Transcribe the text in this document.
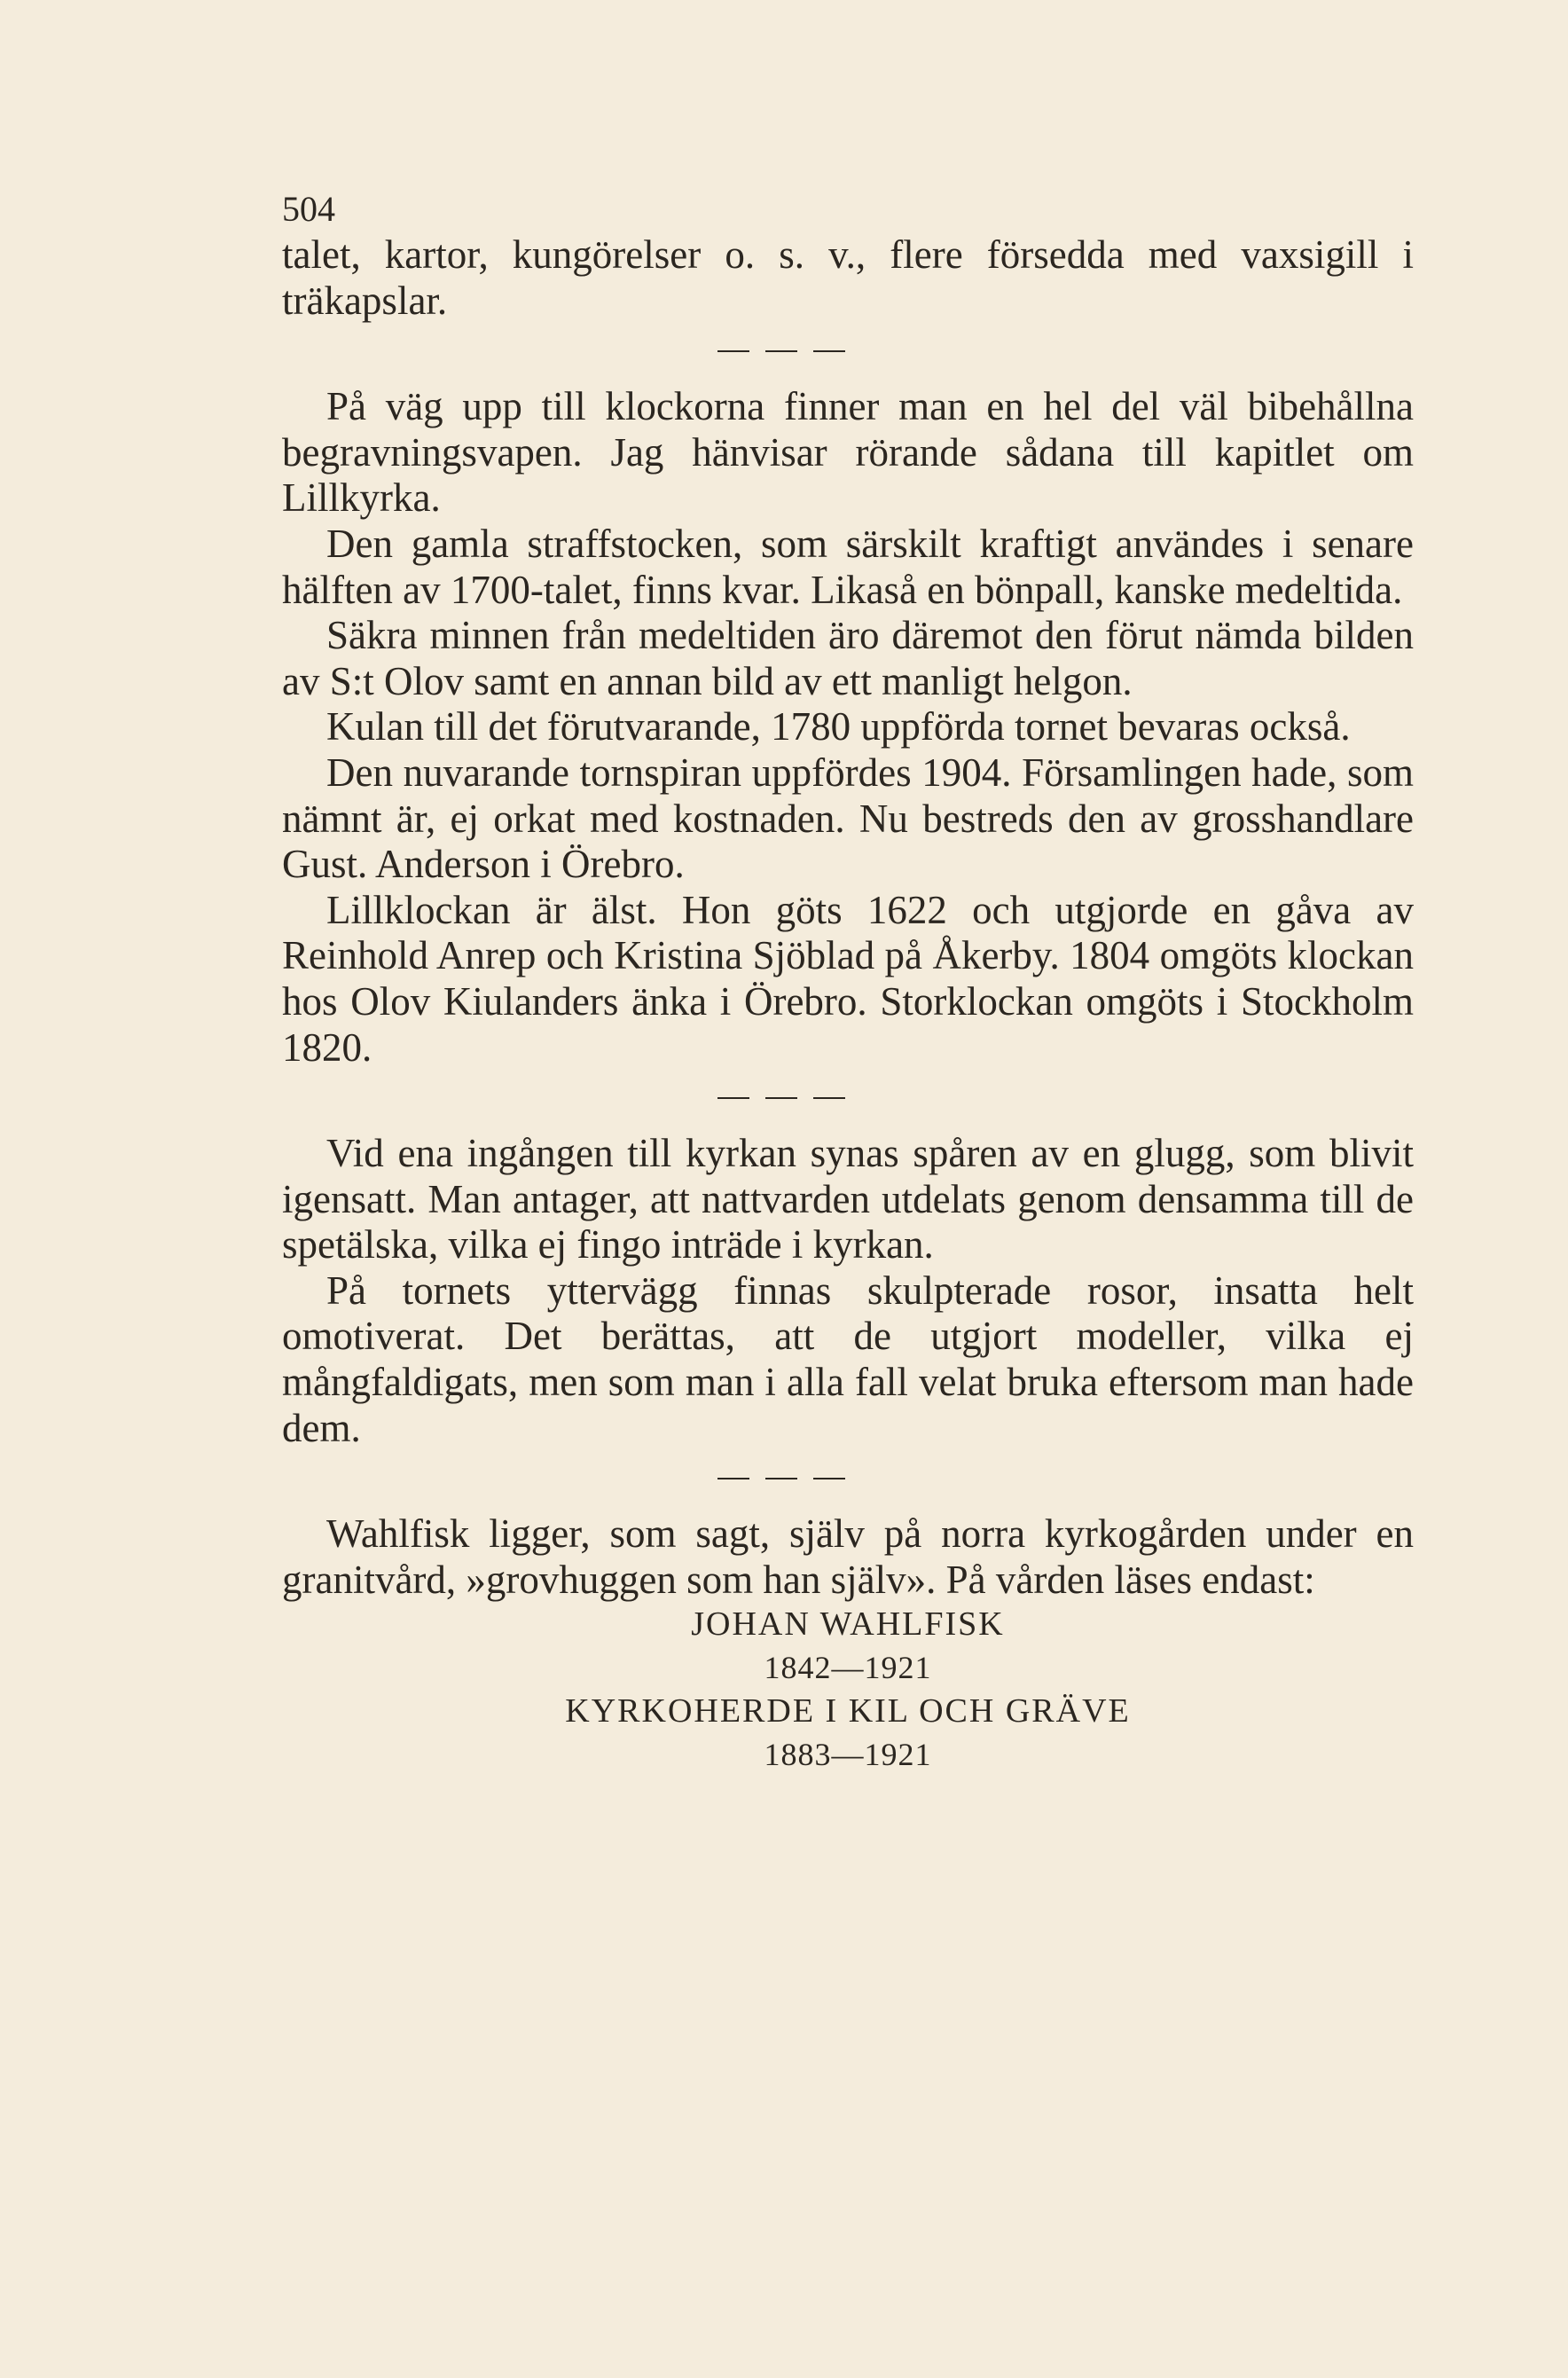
504

talet, kartor, kungörelser o. s. v., flere försedda med vaxsigill i träkapslar.

På väg upp till klockorna finner man en hel del väl bibehållna begravningsvapen. Jag hänvisar rörande sådana till kapitlet om Lillkyrka.

Den gamla straffstocken, som särskilt kraftigt användes i senare hälften av 1700-talet, finns kvar. Likaså en bönpall, kanske medeltida.

Säkra minnen från medeltiden äro däremot den förut nämda bilden av S:t Olov samt en annan bild av ett manligt helgon.

Kulan till det förutvarande, 1780 uppförda tornet bevaras också.

Den nuvarande tornspiran uppfördes 1904. Församlingen hade, som nämnt är, ej orkat med kostnaden. Nu bestreds den av grosshandlare Gust. Anderson i Örebro.

Lillklockan är älst. Hon göts 1622 och utgjorde en gåva av Reinhold Anrep och Kristina Sjöblad på Åkerby. 1804 omgöts klockan hos Olov Kiulanders änka i Örebro. Storklockan omgöts i Stockholm 1820.

Vid ena ingången till kyrkan synas spåren av en glugg, som blivit igensatt. Man antager, att nattvarden utdelats genom densamma till de spetälska, vilka ej fingo inträde i kyrkan.

På tornets yttervägg finnas skulpterade rosor, insatta helt omotiverat. Det berättas, att de utgjort modeller, vilka ej mångfaldigats, men som man i alla fall velat bruka eftersom man hade dem.

Wahlfisk ligger, som sagt, själv på norra kyrkogården under en granitvård, »grovhuggen som han själv». På vården läses endast:

JOHAN WAHLFISK
1842—1921
KYRKOHERDE I KIL OCH GRÄVE
1883—1921
